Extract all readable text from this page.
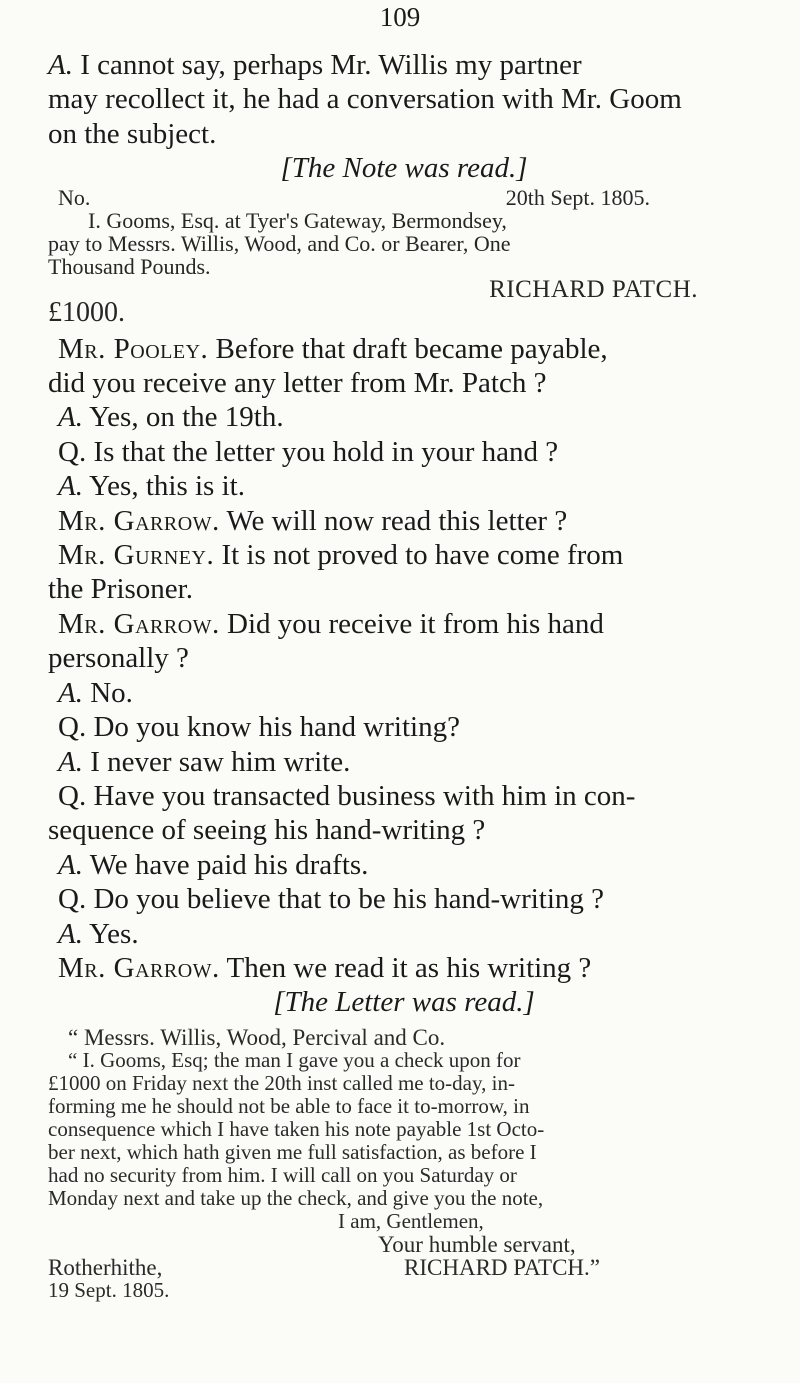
109

A. I cannot say, perhaps Mr. Willis my partner

may recollect it, he had a conversation with Mr. Goom

on the subject.

[The Note was read.]

No.	20th Sept. 1805.

I. Gooms, Esq. at Tyer's Gateway, Bermondsey,

pay to Messrs. Willis, Wood, and Co. or Bearer, One

Thousand Pounds.

RICHARD PATCH.

£1000.

Mr. Pooley. Before that draft became payable,

did you receive any letter from Mr. Patch ?

A. Yes, on the 19th.

Q. Is that the letter you hold in your hand ?

A. Yes, this is it.

Mr. Garrow. We will now read this letter ?

Mr. Gurney. It is not proved to have come from

the Prisoner.

Mr. Garrow. Did you receive it from his hand

personally ?

A. No.

Q. Do you know his hand writing?

A. I never saw him write.

Q. Have you transacted business with him in con-

sequence of seeing his hand-writing ?

A. We have paid his drafts.

Q. Do you believe that to be his hand-writing ?

A. Yes.

Mr. Garrow. Then we read it as his writing ?

[The Letter was read.]

“ Messrs. Willis, Wood, Percival and Co.

“ I. Gooms, Esq; the man I gave you a check upon for

£1000 on Friday next the 20th inst called me to-day, in-

forming me he should not be able to face it to-morrow, in

consequence which I have taken his note payable 1st Octo-

ber next, which hath given me full satisfaction, as before I

had no security from him. I will call on you Saturday or

Monday next and take up the check, and give you the note,

I am, Gentlemen,

Your humble servant,

Rotherhithe,	RICHARD PATCH.”

19 Sept. 1805.
